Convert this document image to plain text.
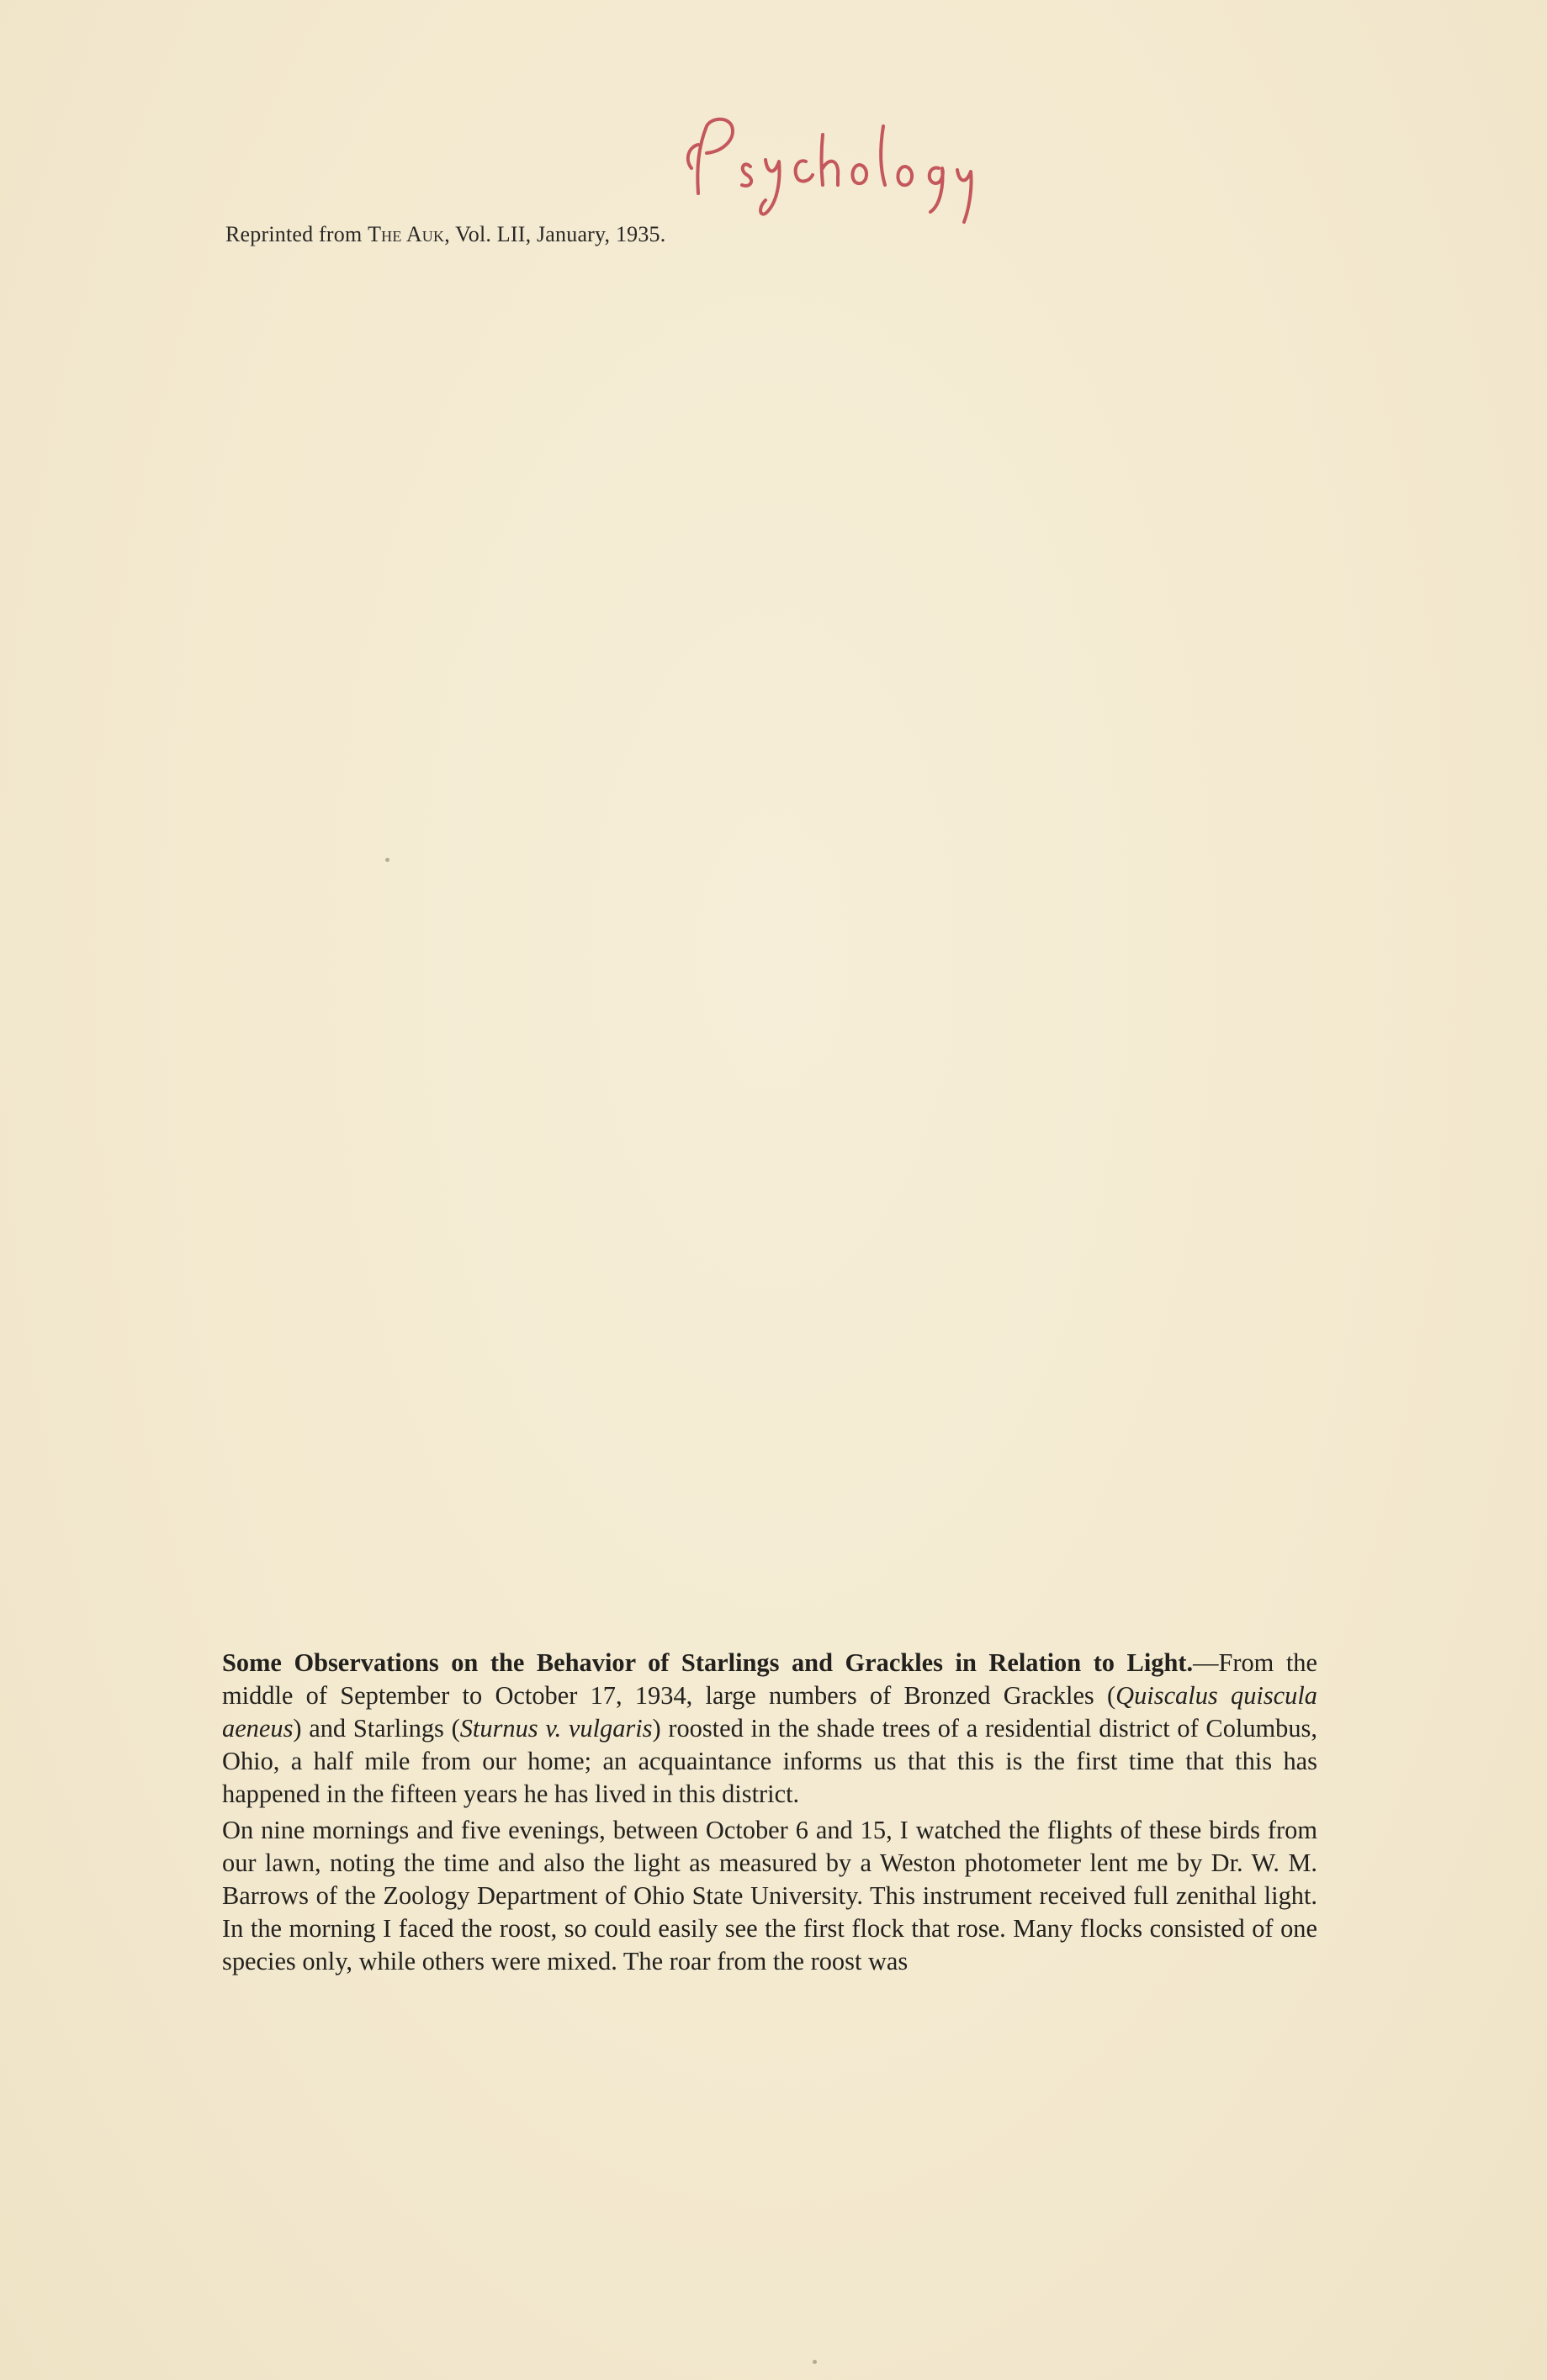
Reprinted from The Auk, Vol. LII, January, 1935.

Some Observations on the Behavior of Starlings and Grackles in Relation to Light.—From the middle of September to October 17, 1934, large numbers of Bronzed Grackles (Quiscalus quiscula aeneus) and Starlings (Sturnus v. vulgaris) roosted in the shade trees of a residential district of Columbus, Ohio, a half mile from our home; an acquaintance informs us that this is the first time that this has happened in the fifteen years he has lived in this district.

On nine mornings and five evenings, between October 6 and 15, I watched the flights of these birds from our lawn, noting the time and also the light as measured by a Weston photometer lent me by Dr. W. M. Barrows of the Zoology Department of Ohio State University. This instrument received full zenithal light. In the morning I faced the roost, so could easily see the first flock that rose. Many flocks consisted of one species only, while others were mixed. The roar from the roost was
